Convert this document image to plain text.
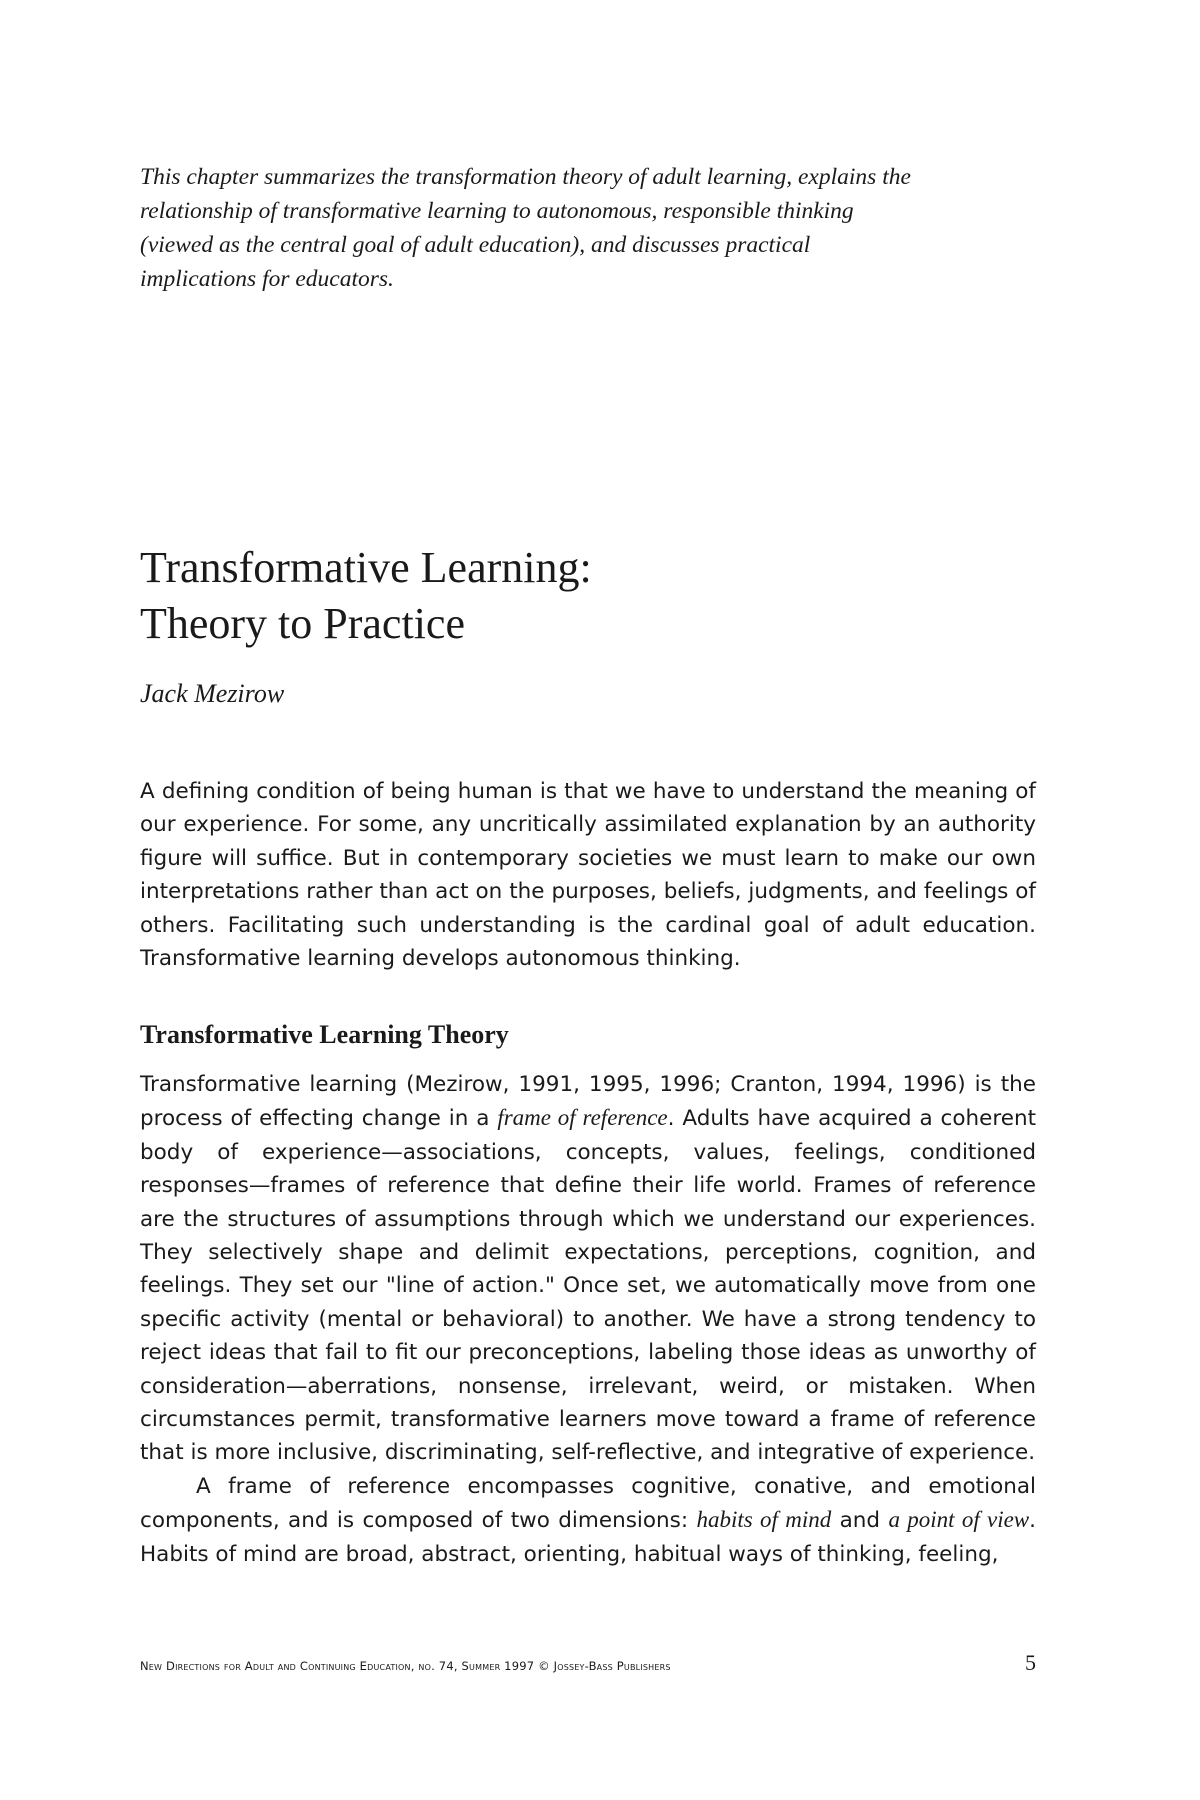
This chapter summarizes the transformation theory of adult learning, explains the relationship of transformative learning to autonomous, responsible thinking (viewed as the central goal of adult education), and discusses practical implications for educators.

Transformative Learning:
Theory to Practice

Jack Mezirow

A defining condition of being human is that we have to understand the meaning of our experience. For some, any uncritically assimilated explanation by an authority figure will suffice. But in contemporary societies we must learn to make our own interpretations rather than act on the purposes, beliefs, judgments, and feelings of others. Facilitating such understanding is the cardinal goal of adult education. Transformative learning develops autonomous thinking.

Transformative Learning Theory

Transformative learning (Mezirow, 1991, 1995, 1996; Cranton, 1994, 1996) is the process of effecting change in a frame of reference. Adults have acquired a coherent body of experience—associations, concepts, values, feelings, conditioned responses—frames of reference that define their life world. Frames of reference are the structures of assumptions through which we understand our experiences. They selectively shape and delimit expectations, perceptions, cognition, and feelings. They set our "line of action." Once set, we automatically move from one specific activity (mental or behavioral) to another. We have a strong tendency to reject ideas that fail to fit our preconceptions, labeling those ideas as unworthy of consideration—aberrations, nonsense, irrelevant, weird, or mistaken. When circumstances permit, transformative learners move toward a frame of reference that is more inclusive, discriminating, self-reflective, and integrative of experience.

A frame of reference encompasses cognitive, conative, and emotional components, and is composed of two dimensions: habits of mind and a point of view. Habits of mind are broad, abstract, orienting, habitual ways of thinking, feeling,

New Directions for Adult and Continuing Education, no. 74, Summer 1997 © Jossey-Bass Publishers	5
